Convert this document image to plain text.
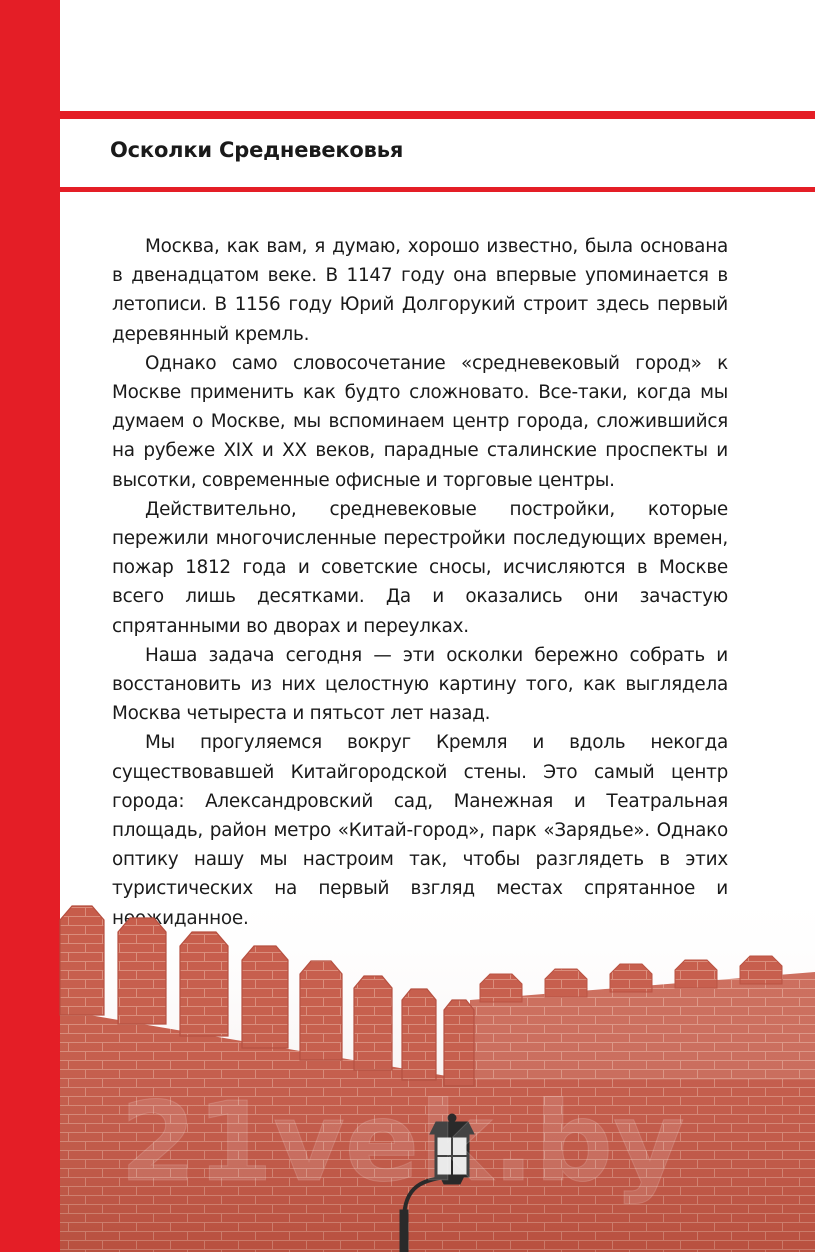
Осколки Средневековья

Москва, как вам, я думаю, хорошо известно, была основана в двенадцатом веке. В 1147 году она впервые упоминается в летописи. В 1156 году Юрий Долгорукий строит здесь первый деревянный кремль.

Однако само словосочетание «средневековый город» к Москве применить как будто сложновато. Все-таки, когда мы думаем о Москве, мы вспоминаем центр города, сложившийся на рубеже XIX и XX веков, парадные сталинские проспекты и высотки, современные офисные и торговые центры.

Действительно, средневековые постройки, которые пережили многочисленные перестройки последующих времен, пожар 1812 года и советские сносы, исчисляются в Москве всего лишь десятками. Да и оказались они зачастую спрятанными во дворах и переулках.

Наша задача сегодня — эти осколки бережно собрать и восстановить из них целостную картину того, как выглядела Москва четыреста и пятьсот лет назад.

Мы прогуляемся вокруг Кремля и вдоль некогда существовавшей Китайгородской стены. Это самый центр города: Александровский сад, Манежная и Театральная площадь, район метро «Китай-город», парк «Зарядье». Однако оптику нашу мы настроим так, чтобы разглядеть в этих

21vek.by
